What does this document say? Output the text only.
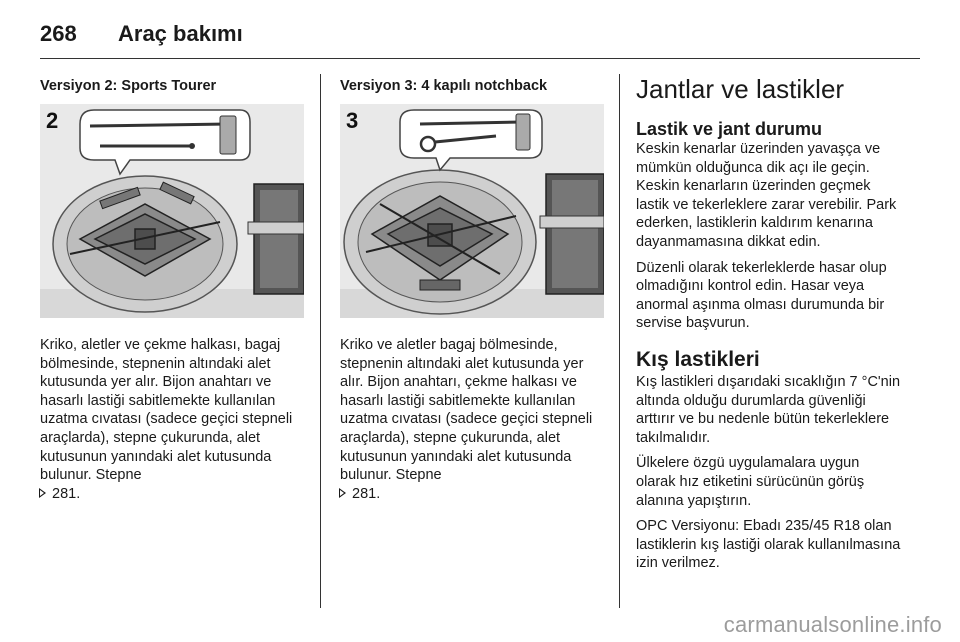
268	Araç bakımı
Versiyon 2: Sports Tourer
2

Kriko, aletler ve çekme halkası, bagaj bölmesinde, stepnenin altındaki alet kutusunda yer alır. Bijon anahtarı ve hasarlı lastiği sabitlemekte kullanılan uzatma cıvatası (sadece geçici stepneli araçlarda), stepne çukurunda, alet kutusunun yanındaki alet kutusunda bulunur. Stepne
281.

Versiyon 3: 4 kapılı notchback
3

Kriko ve aletler bagaj bölmesinde, stepnenin altındaki alet kutusunda yer alır. Bijon anahtarı, çekme halkası ve hasarlı lastiği sabitlemekte kullanılan uzatma cıvatası (sadece geçici stepneli araçlarda), stepne çukurunda, alet kutusunun yanındaki alet kutusunda bulunur. Stepne
281.

Jantlar ve lastikler
Lastik ve jant durumu

Keskin kenarlar üzerinden yavaşça ve mümkün olduğunca dik açı ile geçin. Keskin kenarların üzerinden geçmek lastik ve tekerleklere zarar verebilir. Park ederken, lastiklerin kaldırım kenarına dayanmamasına dikkat edin.

Düzenli olarak tekerleklerde hasar olup olmadığını kontrol edin. Hasar veya anormal aşınma olması durumunda bir servise başvurun.

Kış lastikleri

Kış lastikleri dışarıdaki sıcaklığın 7 °C'nin altında olduğu durumlarda güvenliği arttırır ve bu nedenle bütün tekerleklere takılmalıdır.

Ülkelere özgü uygulamalara uygun olarak hız etiketini sürücünün görüş alanına yapıştırın.

OPC Versiyonu: Ebadı 235/45 R18 olan lastiklerin kış lastiği olarak kullanılmasına izin verilmez.

carmanualsonline.info
